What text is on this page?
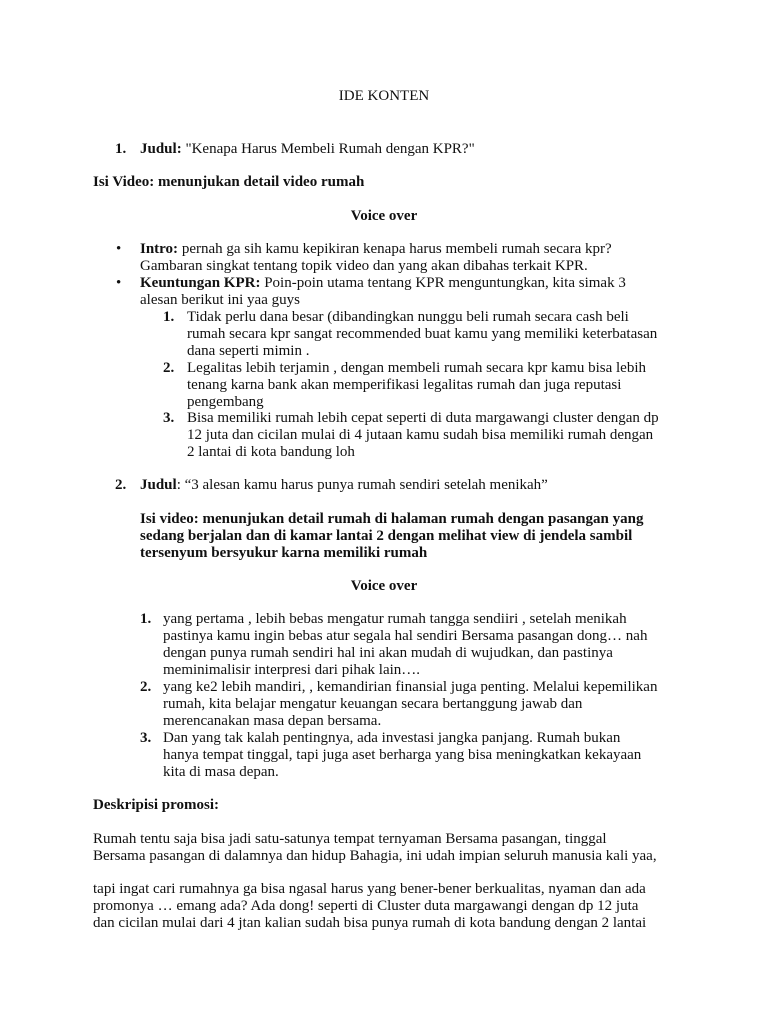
IDE KONTEN
1. Judul: "Kenapa Harus Membeli Rumah dengan KPR?"
Isi Video: menunjukan detail video rumah
Voice over
• Intro: pernah ga sih kamu kepikiran kenapa harus membeli rumah secara kpr?
Gambaran singkat tentang topik video dan yang akan dibahas terkait KPR.
• Keuntungan KPR: Poin-poin utama tentang KPR menguntungkan, kita simak 3
alesan berikut ini yaa guys
1. Tidak perlu dana besar (dibandingkan nunggu beli rumah secara cash beli
rumah secara kpr sangat recommended buat kamu yang memiliki keterbatasan
dana seperti mimin .
2. Legalitas lebih terjamin , dengan membeli rumah secara kpr kamu bisa lebih
tenang karna bank akan memperifikasi legalitas rumah dan juga reputasi
pengembang
3. Bisa memiliki rumah lebih cepat seperti di duta margawangi cluster dengan dp
12 juta dan cicilan mulai di 4 jutaan kamu sudah bisa memiliki rumah dengan
2 lantai di kota bandung loh
2. Judul: “3 alesan kamu harus punya rumah sendiri setelah menikah”
Isi video: menunjukan detail rumah di halaman rumah dengan pasangan yang
sedang berjalan dan di kamar lantai 2 dengan melihat view di jendela sambil
tersenyum bersyukur karna memiliki rumah
Voice over
1. yang pertama , lebih bebas mengatur rumah tangga sendiiri , setelah menikah
pastinya kamu ingin bebas atur segala hal sendiri Bersama pasangan dong… nah
dengan punya rumah sendiri hal ini akan mudah di wujudkan, dan pastinya
meminimalisir interpresi dari pihak lain….
2. yang ke2 lebih mandiri, , kemandirian finansial juga penting. Melalui kepemilikan
rumah, kita belajar mengatur keuangan secara bertanggung jawab dan
merencanakan masa depan bersama.
3. Dan yang tak kalah pentingnya, ada investasi jangka panjang. Rumah bukan
hanya tempat tinggal, tapi juga aset berharga yang bisa meningkatkan kekayaan
kita di masa depan.
Deskripisi promosi:
Rumah tentu saja bisa jadi satu-satunya tempat ternyaman Bersama pasangan, tinggal
Bersama pasangan di dalamnya dan hidup Bahagia, ini udah impian seluruh manusia kali yaa,
tapi ingat cari rumahnya ga bisa ngasal harus yang bener-bener berkualitas, nyaman dan ada
promonya … emang ada? Ada dong! seperti di Cluster duta margawangi dengan dp 12 juta
dan cicilan mulai dari 4 jtan kalian sudah bisa punya rumah di kota bandung dengan 2 lantai
